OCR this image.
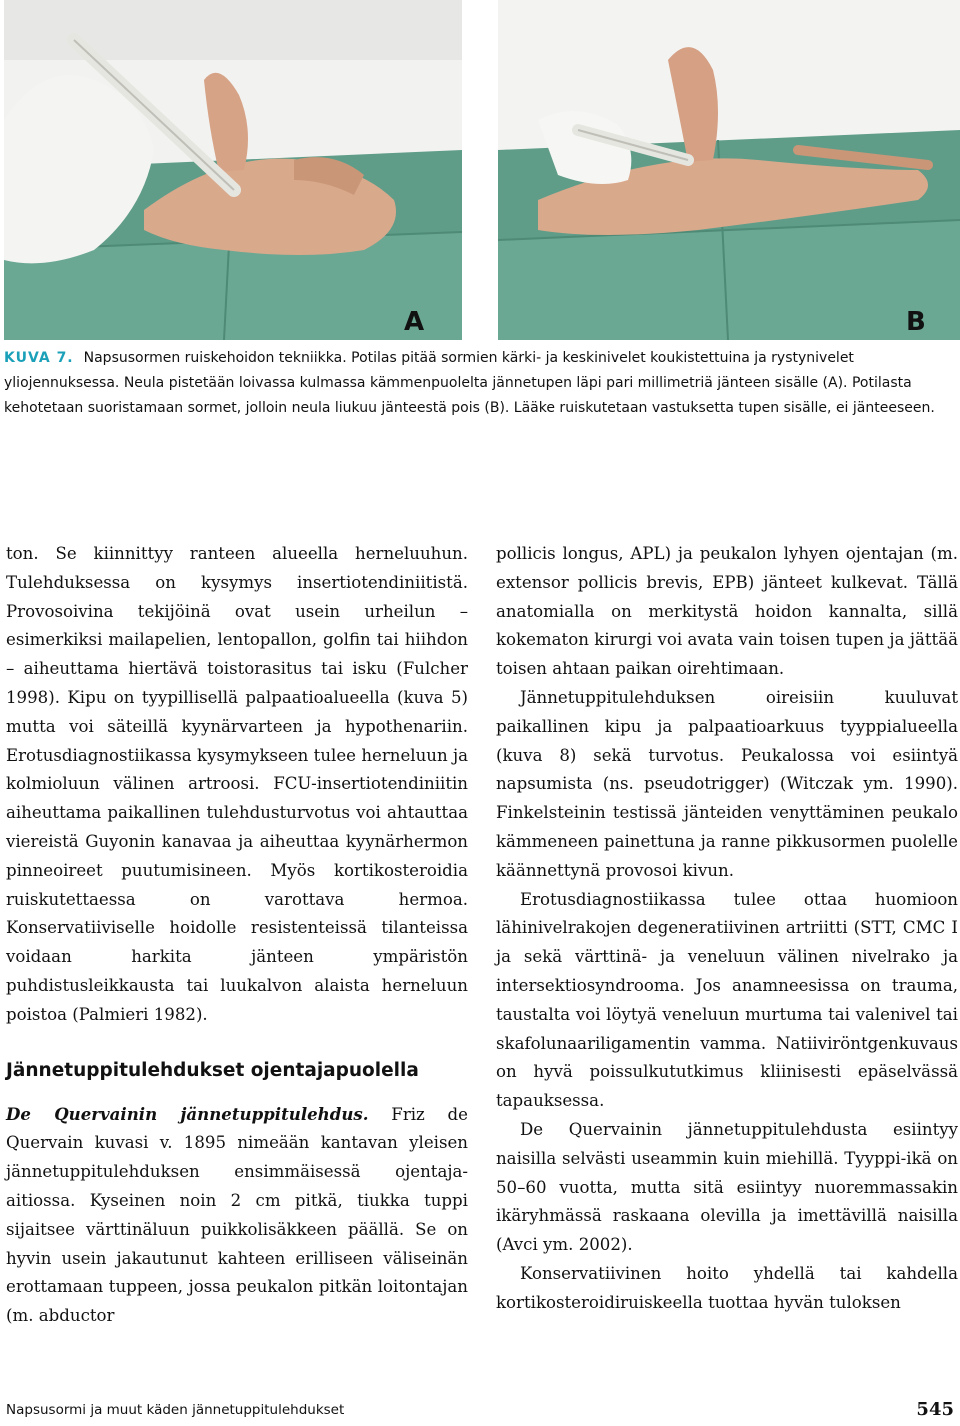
A	B
KUVA 7. Napsusormen ruiskehoidon tekniikka. Potilas pitää sormien kärki- ja keskinivelet koukistettuina ja rystynivelet yliojennuksessa. Neula pistetään loivassa kulmassa kämmenpuolelta jännetupen läpi pari millimetriä jänteen sisälle (A). Potilasta kehotetaan suoristamaan sormet, jolloin neula liukuu jänteestä pois (B). Lääke ruiskutetaan vastuksetta tupen sisälle, ei jänteeseen.

ton. Se kiinnittyy ranteen alueella herneluuhun. Tulehduksessa on kysymys insertiotendiniitistä. Provosoivina tekijöinä ovat usein urheilun – esimerkiksi mailapelien, lentopallon, golfin tai hiihdon – aiheuttama hiertävä toistorasitus tai isku (Fulcher 1998). Kipu on tyypillisellä palpaatioalueella (kuva 5) mutta voi säteillä kyynärvarteen ja hypothenariin. Erotusdiagnostiikassa kysymykseen tulee herneluun ja kolmioluun välinen artroosi. FCU-insertiotendiniitin aiheuttama paikallinen tulehdusturvotus voi ahtauttaa viereistä Guyonin kanavaa ja aiheuttaa kyynärhermon pinneoireet puutumisineen. Myös kortikosteroidia ruiskutettaessa on varottava hermoa. Konservatiiviselle hoidolle resistenteissä tilanteissa voidaan harkita jänteen ympäristön puhdistusleikkausta tai luukalvon alaista herneluun poistoa (Palmieri 1982).

Jännetuppitulehdukset ojentajapuolella

De Quervainin jännetuppitulehdus. Friz de Quervain kuvasi v. 1895 nimeään kantavan yleisen jännetuppitulehduksen ensimmäisessä ojentaja-aitiossa. Kyseinen noin 2 cm pitkä, tiukka tuppi sijaitsee värttinäluun puikkolisäkkeen päällä. Se on hyvin usein jakautunut kahteen erilliseen väliseinän erottamaan tuppeen, jossa peukalon pitkän loitontajan (m. abductor

pollicis longus, APL) ja peukalon lyhyen ojentajan (m. extensor pollicis brevis, EPB) jänteet kulkevat. Tällä anatomialla on merkitystä hoidon kannalta, sillä kokematon kirurgi voi avata vain toisen tupen ja jättää toisen ahtaan paikan oirehtimaan.

Jännetuppitulehduksen oireisiin kuuluvat paikallinen kipu ja palpaatioarkuus tyyppialueella (kuva 8) sekä turvotus. Peukalossa voi esiintyä napsumista (ns. pseudotrigger) (Witczak ym. 1990). Finkelsteinin testissä jänteiden venyttäminen peukalo kämmeneen painettuna ja ranne pikkusormen puolelle käännettynä provosoi kivun.

Erotusdiagnostiikassa tulee ottaa huomioon lähinivelrakojen degeneratiivinen artriitti (STT, CMC I ja sekä värttinä- ja veneluun välinen nivelrako ja intersektiosyndrooma. Jos anamneesissa on trauma, taustalta voi löytyä veneluun murtuma tai valenivel tai skafolunaariligamentin vamma. Natiiviröntgenkuvaus on hyvä poissulkututkimus kliinisesti epäselvässä tapauksessa.

De Quervainin jännetuppitulehdusta esiintyy naisilla selvästi useammin kuin miehillä. Tyyppi-ikä on 50–60 vuotta, mutta sitä esiintyy nuoremmassakin ikäryhmässä raskaana olevilla ja imettävillä naisilla (Avci ym. 2002).

Konservatiivinen hoito yhdellä tai kahdella kortikosteroidiruiskeella tuottaa hyvän tuloksen

Napsusormi ja muut käden jännetuppitulehdukset	545
